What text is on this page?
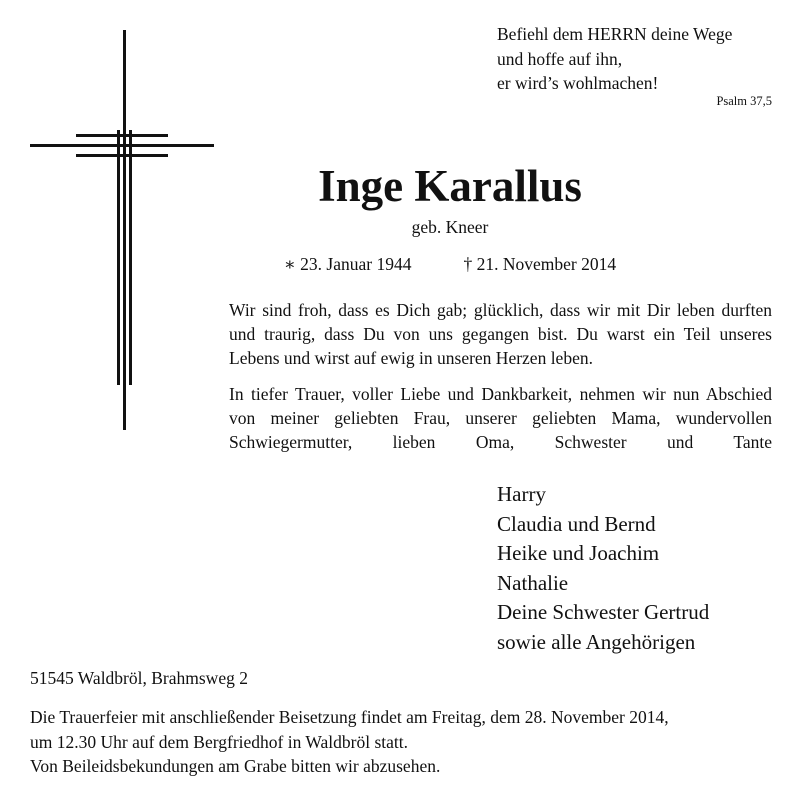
Befiehl dem HERRN deine Wege
und hoffe auf ihn,
er wird’s wohlmachen!
Psalm 37,5
Inge Karallus
geb. Kneer
∗ 23. Januar 1944	† 21. November 2014
Wir sind froh, dass es Dich gab; glücklich, dass wir mit Dir leben durften und traurig, dass Du von uns gegangen bist. Du warst ein Teil unseres Lebens und wirst auf ewig in unseren Herzen leben.
In tiefer Trauer, voller Liebe und Dankbarkeit, nehmen wir nun Abschied von meiner geliebten Frau, unserer geliebten Mama, wundervollen Schwiegermutter, lieben Oma, Schwester und Tante
Harry
Claudia und Bernd
Heike und Joachim
Nathalie
Deine Schwester Gertrud
sowie alle Angehörigen
51545 Waldbröl, Brahmsweg 2
Die Trauerfeier mit anschließender Beisetzung findet am Freitag, dem 28. November 2014,
um 12.30 Uhr auf dem Bergfriedhof in Waldbröl statt.
Von Beileidsbekundungen am Grabe bitten wir abzusehen.
